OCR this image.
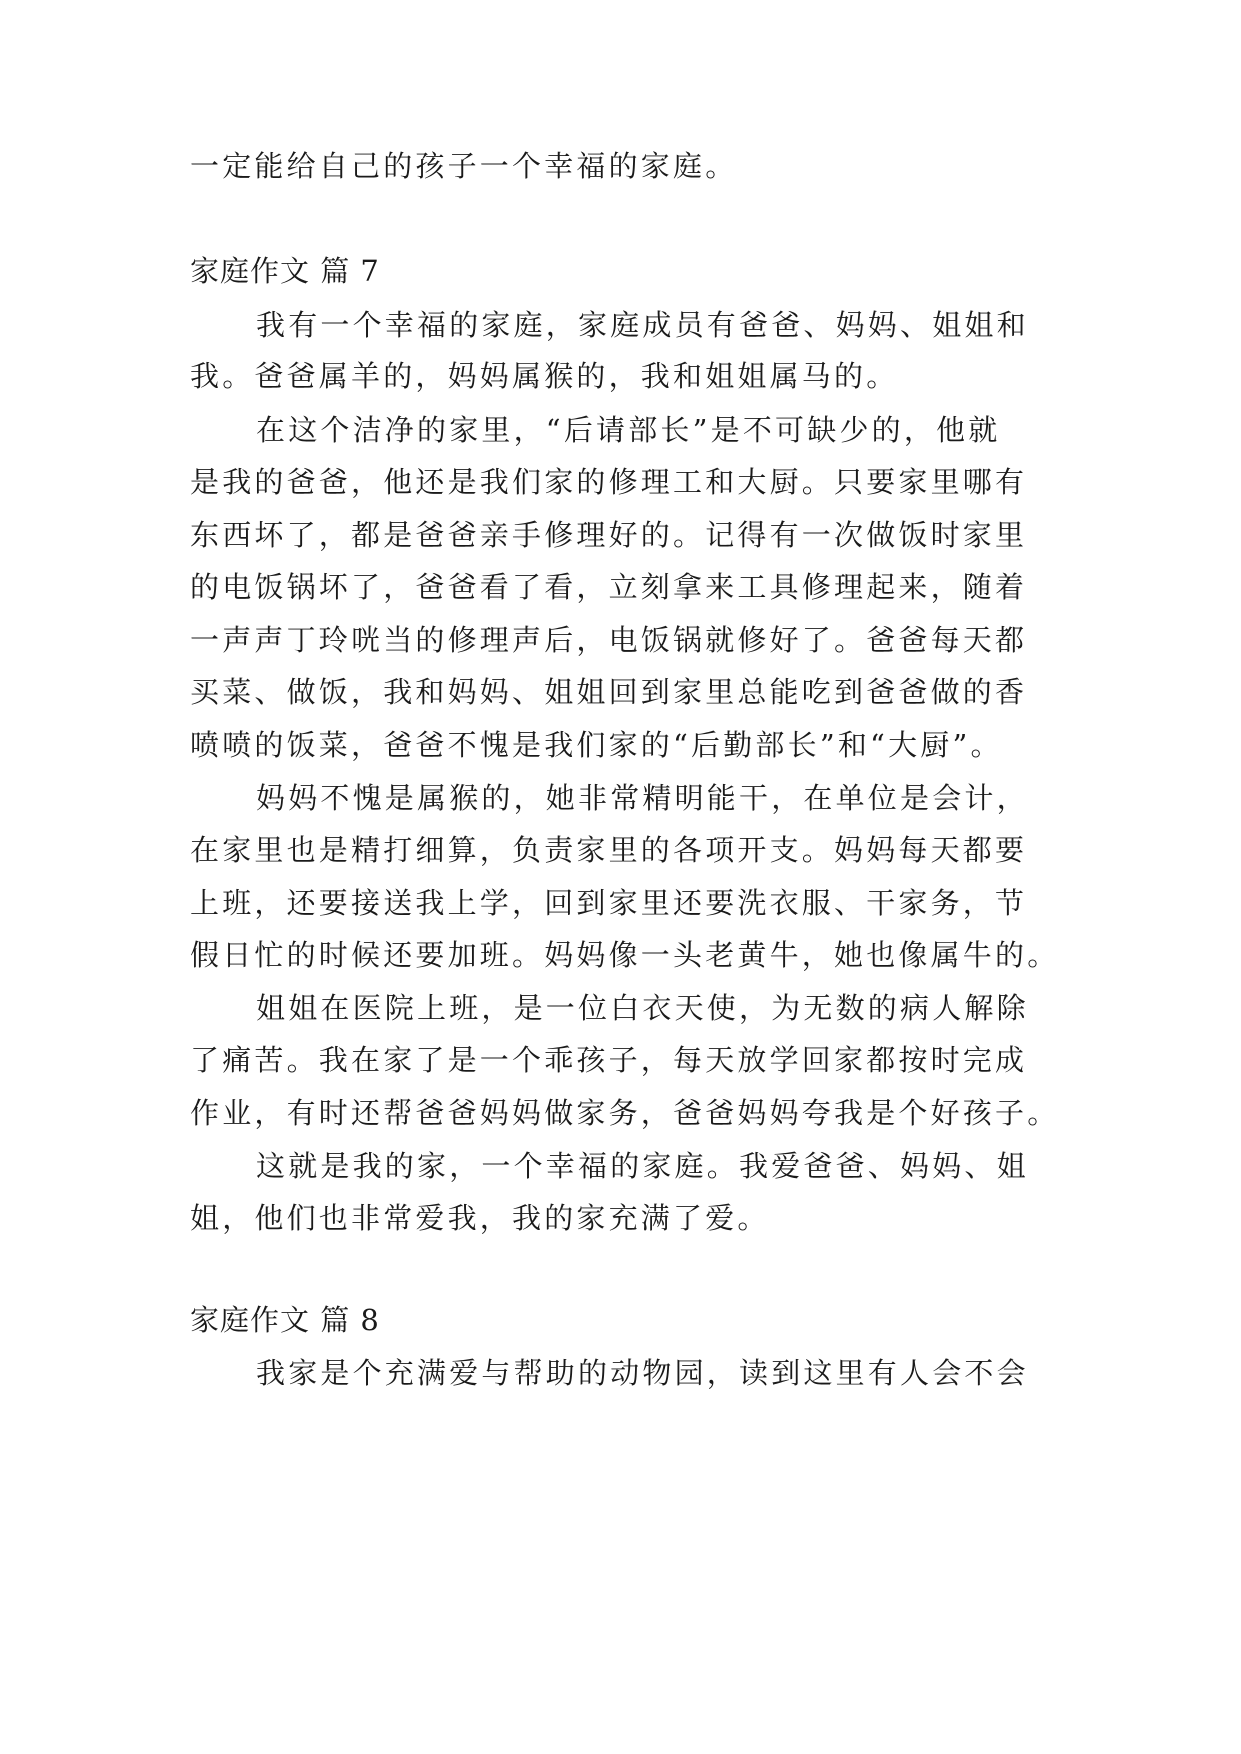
一定能给自己的孩子一个幸福的家庭。
家庭作文 篇 7
我有一个幸福的家庭，家庭成员有爸爸、妈妈、姐姐和
我。爸爸属羊的，妈妈属猴的，我和姐姐属马的。
在这个洁净的家里，“后请部长”是不可缺少的，他就
是我的爸爸，他还是我们家的修理工和大厨。只要家里哪有
东西坏了，都是爸爸亲手修理好的。记得有一次做饭时家里
的电饭锅坏了，爸爸看了看，立刻拿来工具修理起来，随着
一声声丁玲咣当的修理声后，电饭锅就修好了。爸爸每天都
买菜、做饭，我和妈妈、姐姐回到家里总能吃到爸爸做的香
喷喷的饭菜，爸爸不愧是我们家的“后勤部长”和“大厨”。
妈妈不愧是属猴的，她非常精明能干，在单位是会计，
在家里也是精打细算，负责家里的各项开支。妈妈每天都要
上班，还要接送我上学，回到家里还要洗衣服、干家务，节
假日忙的时候还要加班。妈妈像一头老黄牛，她也像属牛的。
姐姐在医院上班，是一位白衣天使，为无数的病人解除
了痛苦。我在家了是一个乖孩子，每天放学回家都按时完成
作业，有时还帮爸爸妈妈做家务，爸爸妈妈夸我是个好孩子。
这就是我的家，一个幸福的家庭。我爱爸爸、妈妈、姐
姐，他们也非常爱我，我的家充满了爱。
家庭作文 篇 8
我家是个充满爱与帮助的动物园，读到这里有人会不会
